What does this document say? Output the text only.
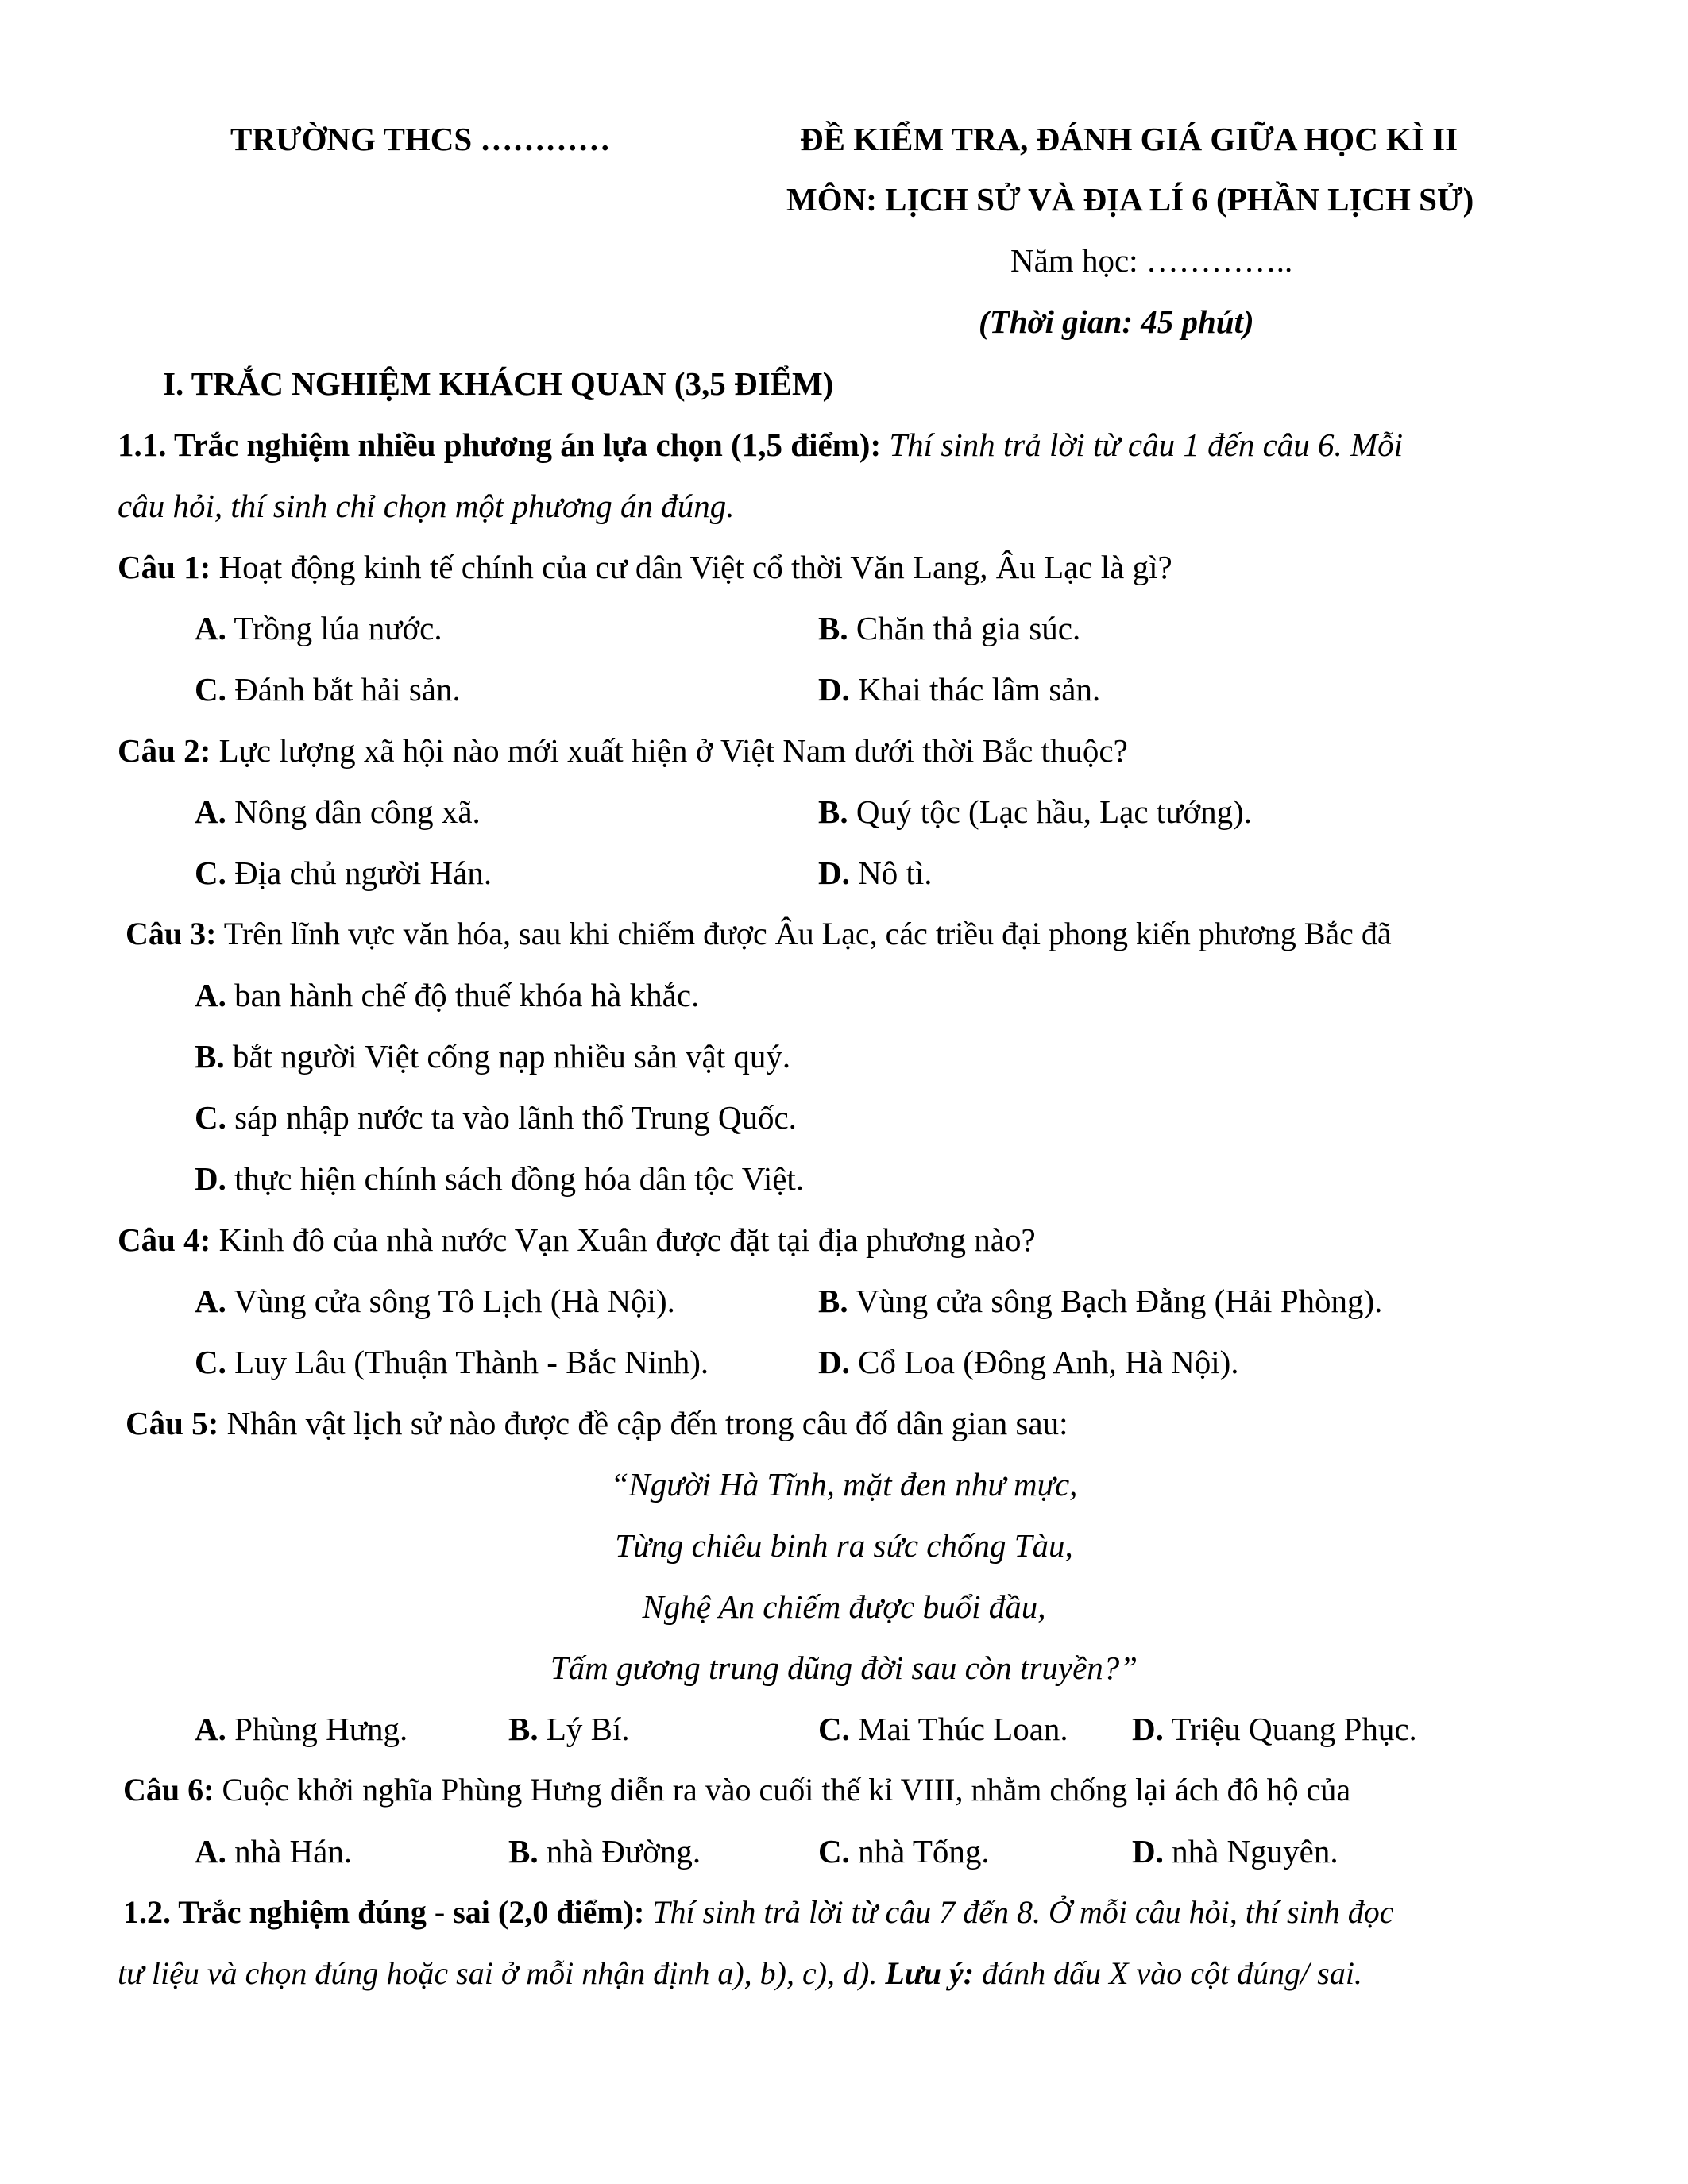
TRƯỜNG THCS …………	ĐỀ KIỂM TRA, ĐÁNH GIÁ GIỮA HỌC KÌ II
MÔN: LỊCH SỬ VÀ ĐỊA LÍ 6 (PHẦN LỊCH SỬ)
Năm học: …………..
(Thời gian: 45 phút)
I. TRẮC NGHIỆM KHÁCH QUAN (3,5 ĐIỂM)
1.1. Trắc nghiệm nhiều phương án lựa chọn (1,5 điểm): Thí sinh trả lời từ câu 1 đến câu 6. Mỗi
câu hỏi, thí sinh chỉ chọn một phương án đúng.
Câu 1: Hoạt động kinh tế chính của cư dân Việt cổ thời Văn Lang, Âu Lạc là gì?
A. Trồng lúa nước.	B. Chăn thả gia súc.
C. Đánh bắt hải sản.	D. Khai thác lâm sản.
Câu 2: Lực lượng xã hội nào mới xuất hiện ở Việt Nam dưới thời Bắc thuộc?
A. Nông dân công xã.	B. Quý tộc (Lạc hầu, Lạc tướng).
C. Địa chủ người Hán.	D. Nô tì.
Câu 3: Trên lĩnh vực văn hóa, sau khi chiếm được Âu Lạc, các triều đại phong kiến phương Bắc đã
A. ban hành chế độ thuế khóa hà khắc.
B. bắt người Việt cống nạp nhiều sản vật quý.
C. sáp nhập nước ta vào lãnh thổ Trung Quốc.
D. thực hiện chính sách đồng hóa dân tộc Việt.
Câu 4: Kinh đô của nhà nước Vạn Xuân được đặt tại địa phương nào?
A. Vùng cửa sông Tô Lịch (Hà Nội).	B. Vùng cửa sông Bạch Đằng (Hải Phòng).
C. Luy Lâu (Thuận Thành - Bắc Ninh).	D. Cổ Loa (Đông Anh, Hà Nội).
Câu 5: Nhân vật lịch sử nào được đề cập đến trong câu đố dân gian sau:
“Người Hà Tĩnh, mặt đen như mực,
Từng chiêu binh ra sức chống Tàu,
Nghệ An chiếm được buổi đầu,
Tấm gương trung dũng đời sau còn truyền?”
A. Phùng Hưng.	B. Lý Bí.	C. Mai Thúc Loan. D. Triệu Quang Phục.
Câu 6: Cuộc khởi nghĩa Phùng Hưng diễn ra vào cuối thế kỉ VIII, nhằm chống lại ách đô hộ của
A. nhà Hán.	B. nhà Đường.	C. nhà Tống.	D. nhà Nguyên.
1.2. Trắc nghiệm đúng - sai (2,0 điểm): Thí sinh trả lời từ câu 7 đến 8. Ở mỗi câu hỏi, thí sinh đọc
tư liệu và chọn đúng hoặc sai ở mỗi nhận định a), b), c), d). Lưu ý: đánh dấu X vào cột đúng/ sai.
